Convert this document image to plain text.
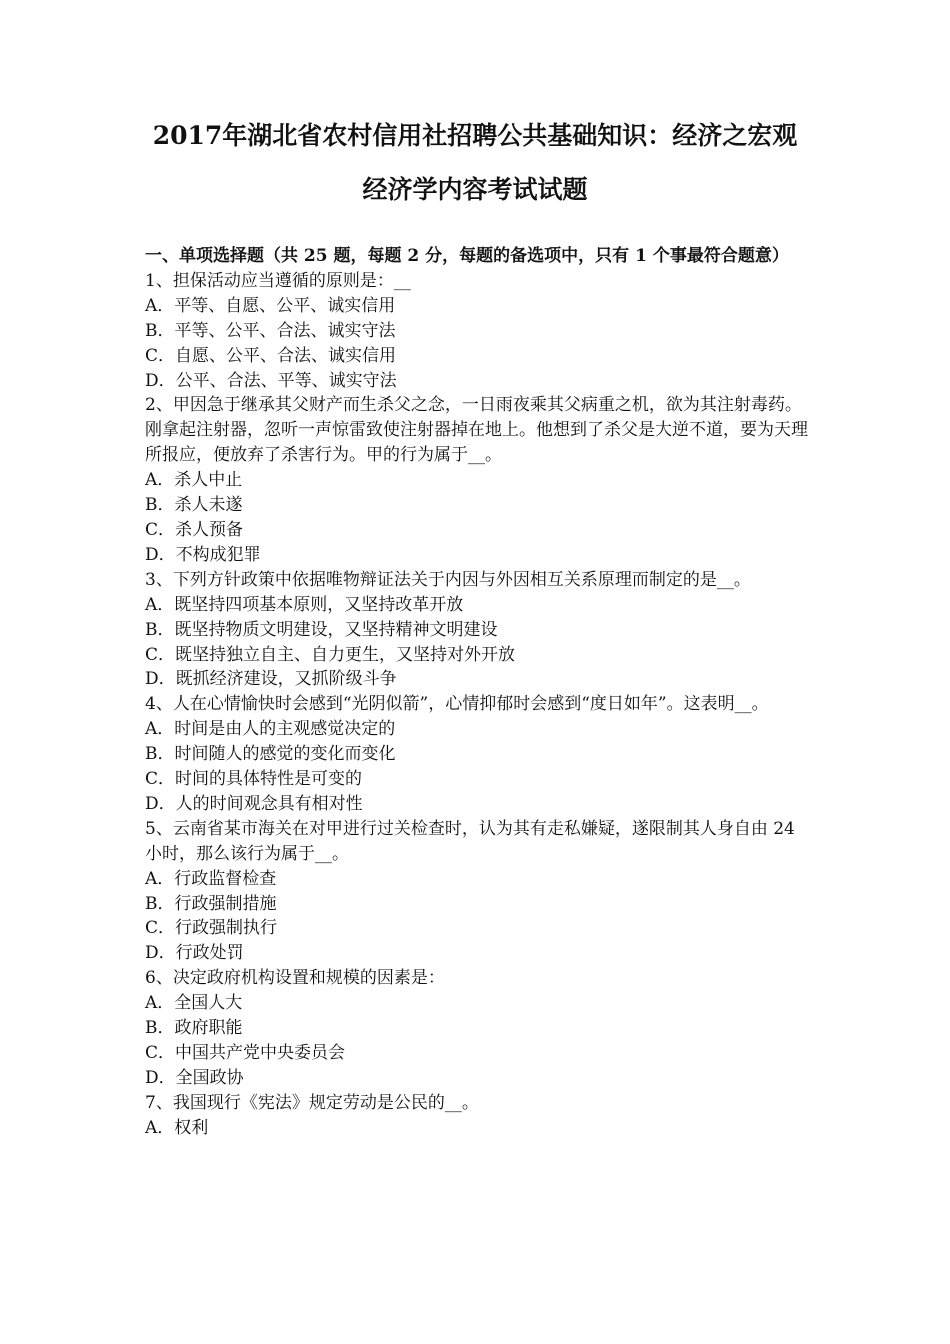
2017年湖北省农村信用社招聘公共基础知识：经济之宏观
经济学内容考试试题
一、单项选择题（共 25 题，每题 2 分，每题的备选项中，只有 1 个事最符合题意）

1、担保活动应当遵循的原则是：__

A．平等、自愿、公平、诚实信用

B．平等、公平、合法、诚实守法

C．自愿、公平、合法、诚实信用

D．公平、合法、平等、诚实守法

2、甲因急于继承其父财产而生杀父之念，一日雨夜乘其父病重之机，欲为其注射毒药。刚拿起注射器，忽听一声惊雷致使注射器掉在地上。他想到了杀父是大逆不道，要为天理所报应，便放弃了杀害行为。甲的行为属于__。

A．杀人中止

B．杀人未遂

C．杀人预备

D．不构成犯罪

3、下列方针政策中依据唯物辩证法关于内因与外因相互关系原理而制定的是__。

A．既坚持四项基本原则，又坚持改革开放

B．既坚持物质文明建设，又坚持精神文明建设

C．既坚持独立自主、自力更生，又坚持对外开放

D．既抓经济建设，又抓阶级斗争

4、人在心情愉快时会感到“光阴似箭”，心情抑郁时会感到“度日如年”。这表明__。

A．时间是由人的主观感觉决定的

B．时间随人的感觉的变化而变化

C．时间的具体特性是可变的

D．人的时间观念具有相对性

5、云南省某市海关在对甲进行过关检查时，认为其有走私嫌疑，遂限制其人身自由 24 小时，那么该行为属于__。

A．行政监督检查

B．行政强制措施

C．行政强制执行

D．行政处罚

6、决定政府机构设置和规模的因素是：

A．全国人大

B．政府职能

C．中国共产党中央委员会

D．全国政协

7、我国现行《宪法》规定劳动是公民的__。

A．权利
